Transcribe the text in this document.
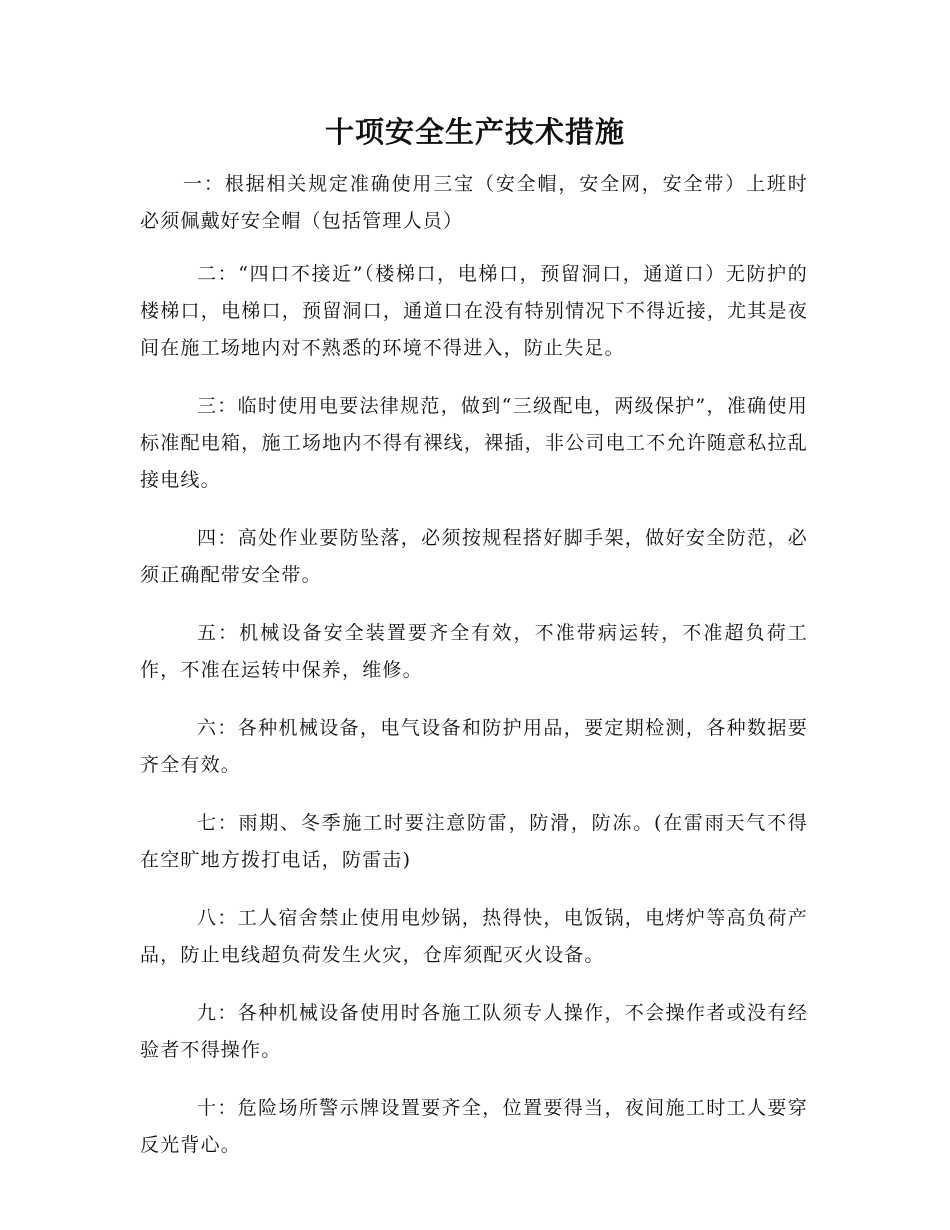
十项安全生产技术措施

一：根据相关规定准确使用三宝（安全帽，安全网，安全带）上班时必须佩戴好安全帽（包括管理人员）

二：“四口不接近”（楼梯口，电梯口，预留洞口，通道口）无防护的楼梯口，电梯口，预留洞口，通道口在没有特别情况下不得近接，尤其是夜间在施工场地内对不熟悉的环境不得进入，防止失足。

三：临时使用电要法律规范，做到“三级配电，两级保护”，准确使用标准配电箱，施工场地内不得有裸线，裸插，非公司电工不允许随意私拉乱接电线。

四：高处作业要防坠落，必须按规程搭好脚手架，做好安全防范，必须正确配带安全带。

五：机械设备安全装置要齐全有效，不准带病运转，不准超负荷工作，不准在运转中保养，维修。

六：各种机械设备，电气设备和防护用品，要定期检测，各种数据要齐全有效。

七：雨期、冬季施工时要注意防雷，防滑，防冻。(在雷雨天气不得在空旷地方拨打电话，防雷击)

八：工人宿舍禁止使用电炒锅，热得快，电饭锅，电烤炉等高负荷产品，防止电线超负荷发生火灾，仓库须配灭火设备。

九：各种机械设备使用时各施工队须专人操作，不会操作者或没有经验者不得操作。

十：危险场所警示牌设置要齐全，位置要得当，夜间施工时工人要穿反光背心。
